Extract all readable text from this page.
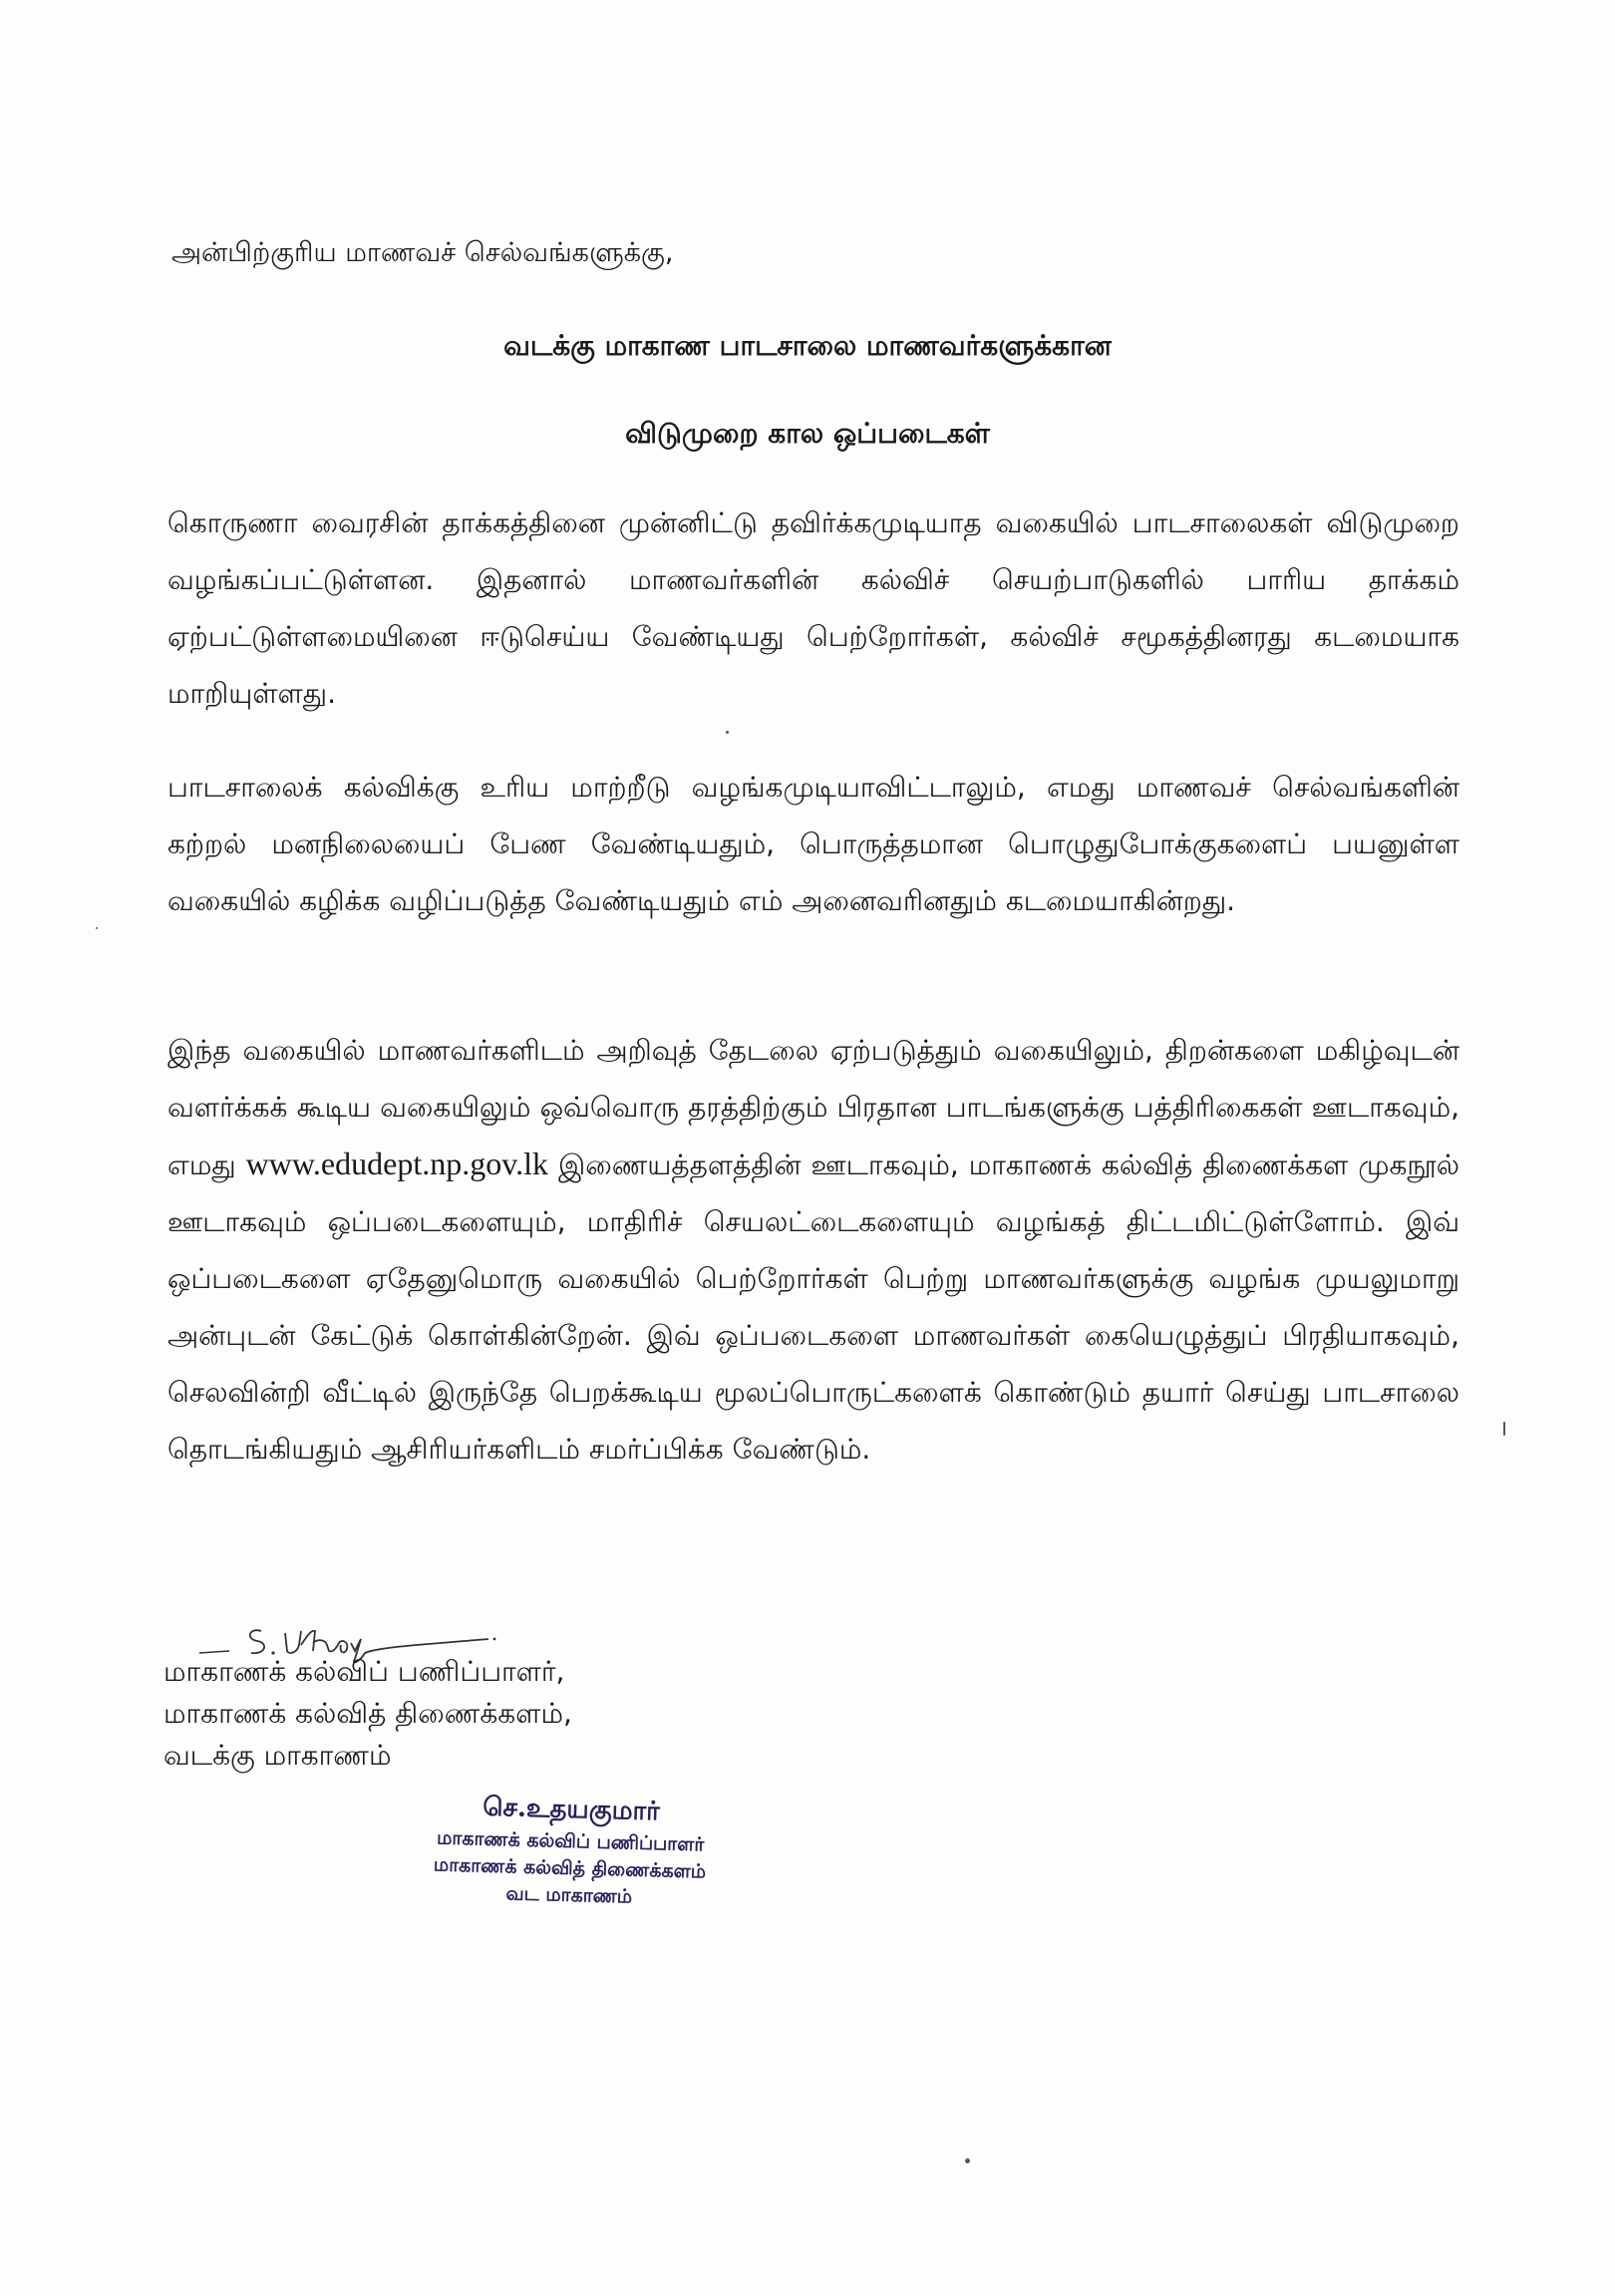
அன்பிற்குரிய மாணவச் செல்வங்களுக்கு,

வடக்கு மாகாண பாடசாலை மாணவர்களுக்கான
விடுமுறை கால ஒப்படைகள்

கொருணா வைரசின் தாக்கத்தினை முன்னிட்டு தவிர்க்கமுடியாத வகையில் பாடசாலைகள் விடுமுறை வழங்கப்பட்டுள்ளன. இதனால் மாணவர்களின் கல்விச் செயற்பாடுகளில் பாரிய தாக்கம் ஏற்பட்டுள்ளமையினை ஈடுசெய்ய வேண்டியது பெற்றோர்கள், கல்விச் சமூகத்தினரது கடமையாக மாறியுள்ளது.

பாடசாலைக் கல்விக்கு உரிய மாற்றீடு வழங்கமுடியாவிட்டாலும், எமது மாணவச் செல்வங்களின் கற்றல் மனநிலையைப் பேண வேண்டியதும், பொருத்தமான பொழுதுபோக்குகளைப் பயனுள்ள வகையில் கழிக்க வழிப்படுத்த வேண்டியதும் எம் அனைவரினதும் கடமையாகின்றது.

இந்த வகையில் மாணவர்களிடம் அறிவுத் தேடலை ஏற்படுத்தும் வகையிலும், திறன்களை மகிழ்வுடன் வளர்க்கக் கூடிய வகையிலும் ஒவ்வொரு தரத்திற்கும் பிரதான பாடங்களுக்கு பத்திரிகைகள் ஊடாகவும், எமது www.edudept.np.gov.lk இணையத்தளத்தின் ஊடாகவும், மாகாணக் கல்வித் திணைக்கள முகநூல் ஊடாகவும் ஒப்படைகளையும், மாதிரிச் செயலட்டைகளையும் வழங்கத் திட்டமிட்டுள்ளோம். இவ் ஒப்படைகளை ஏதேனுமொரு வகையில் பெற்றோர்கள் பெற்று மாணவர்களுக்கு வழங்க முயலுமாறு அன்புடன் கேட்டுக் கொள்கின்றேன். இவ் ஒப்படைகளை மாணவர்கள் கையெழுத்துப் பிரதியாகவும், செலவின்றி வீட்டில் இருந்தே பெறக்கூடிய மூலப்பொருட்களைக் கொண்டும் தயார் செய்து பாடசாலை தொடங்கியதும் ஆசிரியர்களிடம் சமர்ப்பிக்க வேண்டும்.

மாகாணக் கல்விப் பணிப்பாளர்,
மாகாணக் கல்வித் திணைக்களம்,
வடக்கு மாகாணம்
செ.உதயகுமார்
மாகாணக் கல்விப் பணிப்பாளர்
மாகாணக் கல்வித் திணைக்களம்
வட மாகாணம்
